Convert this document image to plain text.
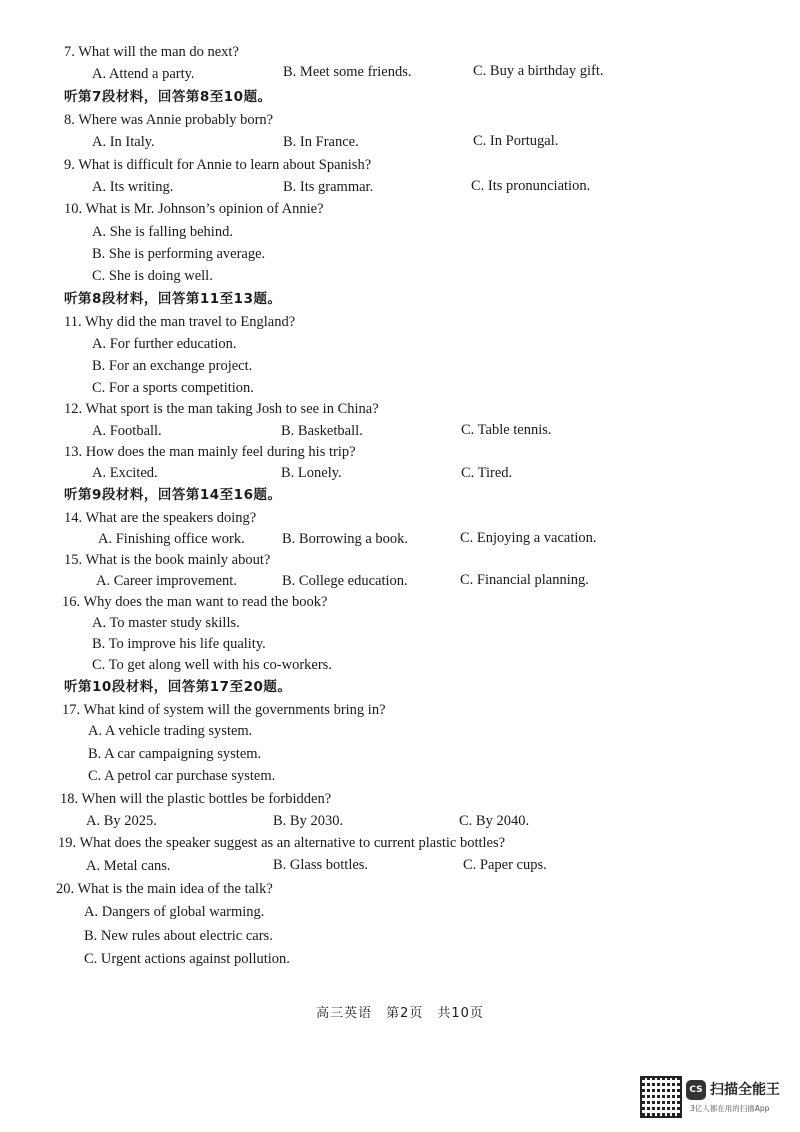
7. What will the man do next?
A. Attend a party.	B. Meet some friends.	C. Buy a birthday gift.
听第7段材料，回答第8至10题。
8. Where was Annie probably born?
A. In Italy.	B. In France.	C. In Portugal.
9. What is difficult for Annie to learn about Spanish?
A. Its writing.	B. Its grammar.	C. Its pronunciation.
10. What is Mr. Johnson’s opinion of Annie?
A. She is falling behind.
B. She is performing average.
C. She is doing well.
听第8段材料，回答第11至13题。
11. Why did the man travel to England?
A. For further education.
B. For an exchange project.
C. For a sports competition.
12. What sport is the man taking Josh to see in China?
A. Football.	B. Basketball.	C. Table tennis.
13. How does the man mainly feel during his trip?
A. Excited.	B. Lonely.	C. Tired.
听第9段材料，回答第14至16题。
14. What are the speakers doing?
A. Finishing office work.	B. Borrowing a book.	C. Enjoying a vacation.
15. What is the book mainly about?
A. Career improvement.	B. College education.	C. Financial planning.
16. Why does the man want to read the book?
A. To master study skills.
B. To improve his life quality.
C. To get along well with his co-workers.
听第10段材料，回答第17至20题。
17. What kind of system will the governments bring in?
A. A vehicle trading system.
B. A car campaigning system.
C. A petrol car purchase system.
18. When will the plastic bottles be forbidden?
A. By 2025.	B. By 2030.	C. By 2040.
19. What does the speaker suggest as an alternative to current plastic bottles?
A. Metal cans.	B. Glass bottles.	C. Paper cups.
20. What is the main idea of the talk?
A. Dangers of global warming.
B. New rules about electric cars.
C. Urgent actions against pollution.
高三英语　第2页　共10页
CS 扫描全能王
3亿人都在用的扫描App
